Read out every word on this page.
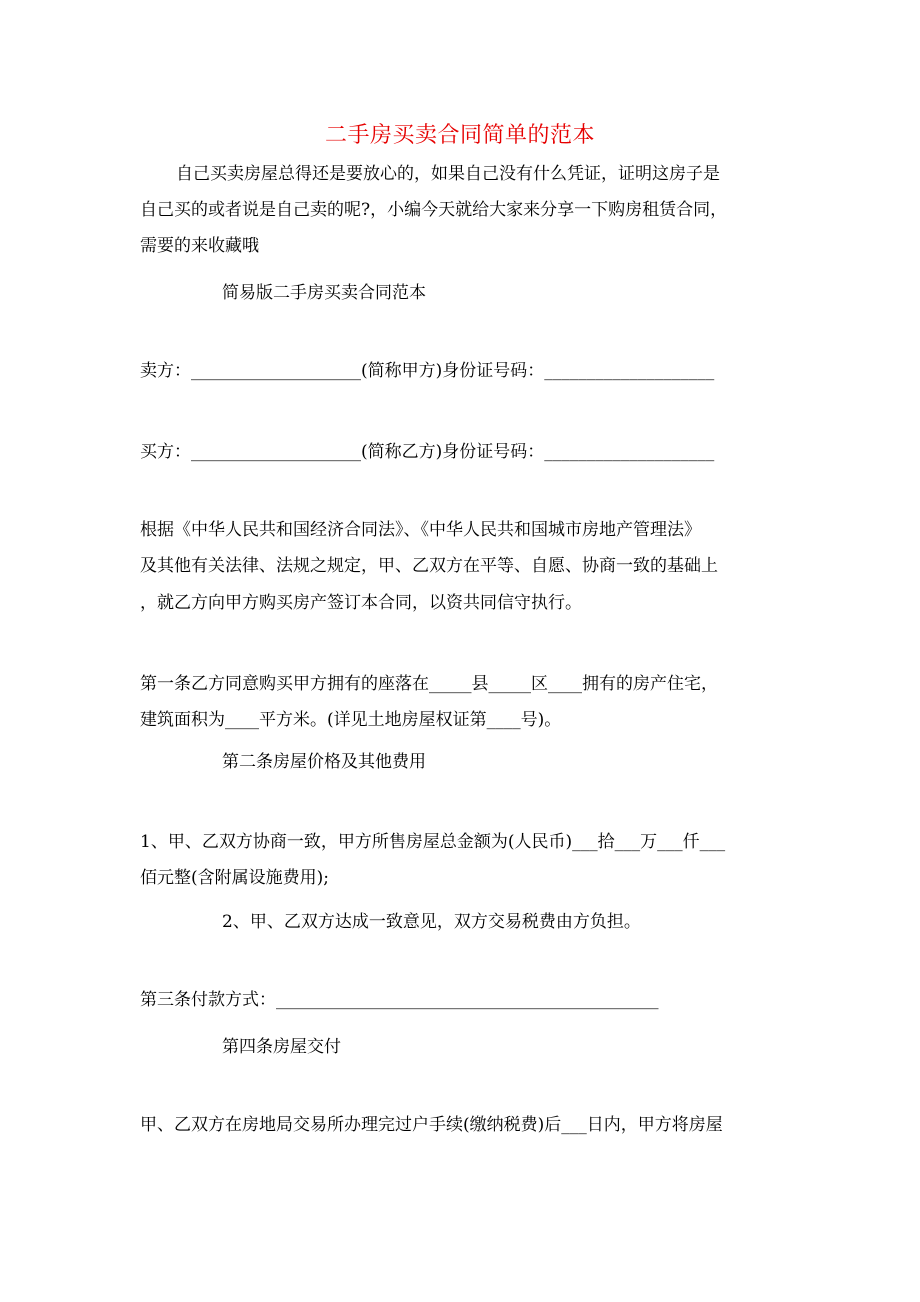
二手房买卖合同简单的范本
自己买卖房屋总得还是要放心的，如果自己没有什么凭证，证明这房子是
自己买的或者说是自己卖的呢?，小编今天就给大家来分享一下购房租赁合同，
需要的来收藏哦
简易版二手房买卖合同范本
卖方：____________________(简称甲方)身份证号码：____________________
买方：____________________(简称乙方)身份证号码：____________________
根据《中华人民共和国经济合同法》、《中华人民共和国城市房地产管理法》
及其他有关法律、法规之规定，甲、乙双方在平等、自愿、协商一致的基础上
，就乙方向甲方购买房产签订本合同，以资共同信守执行。
第一条乙方同意购买甲方拥有的座落在_____县_____区____拥有的房产住宅，
建筑面积为____平方米。(详见土地房屋权证第____号)。
第二条房屋价格及其他费用
1、甲、乙双方协商一致，甲方所售房屋总金额为(人民币)___拾___万___仟___
佰元整(含附属设施费用);
2、甲、乙双方达成一致意见，双方交易税费由方负担。
第三条付款方式：_____________________________________________
第四条房屋交付
甲、乙双方在房地局交易所办理完过户手续(缴纳税费)后___日内，甲方将房屋
